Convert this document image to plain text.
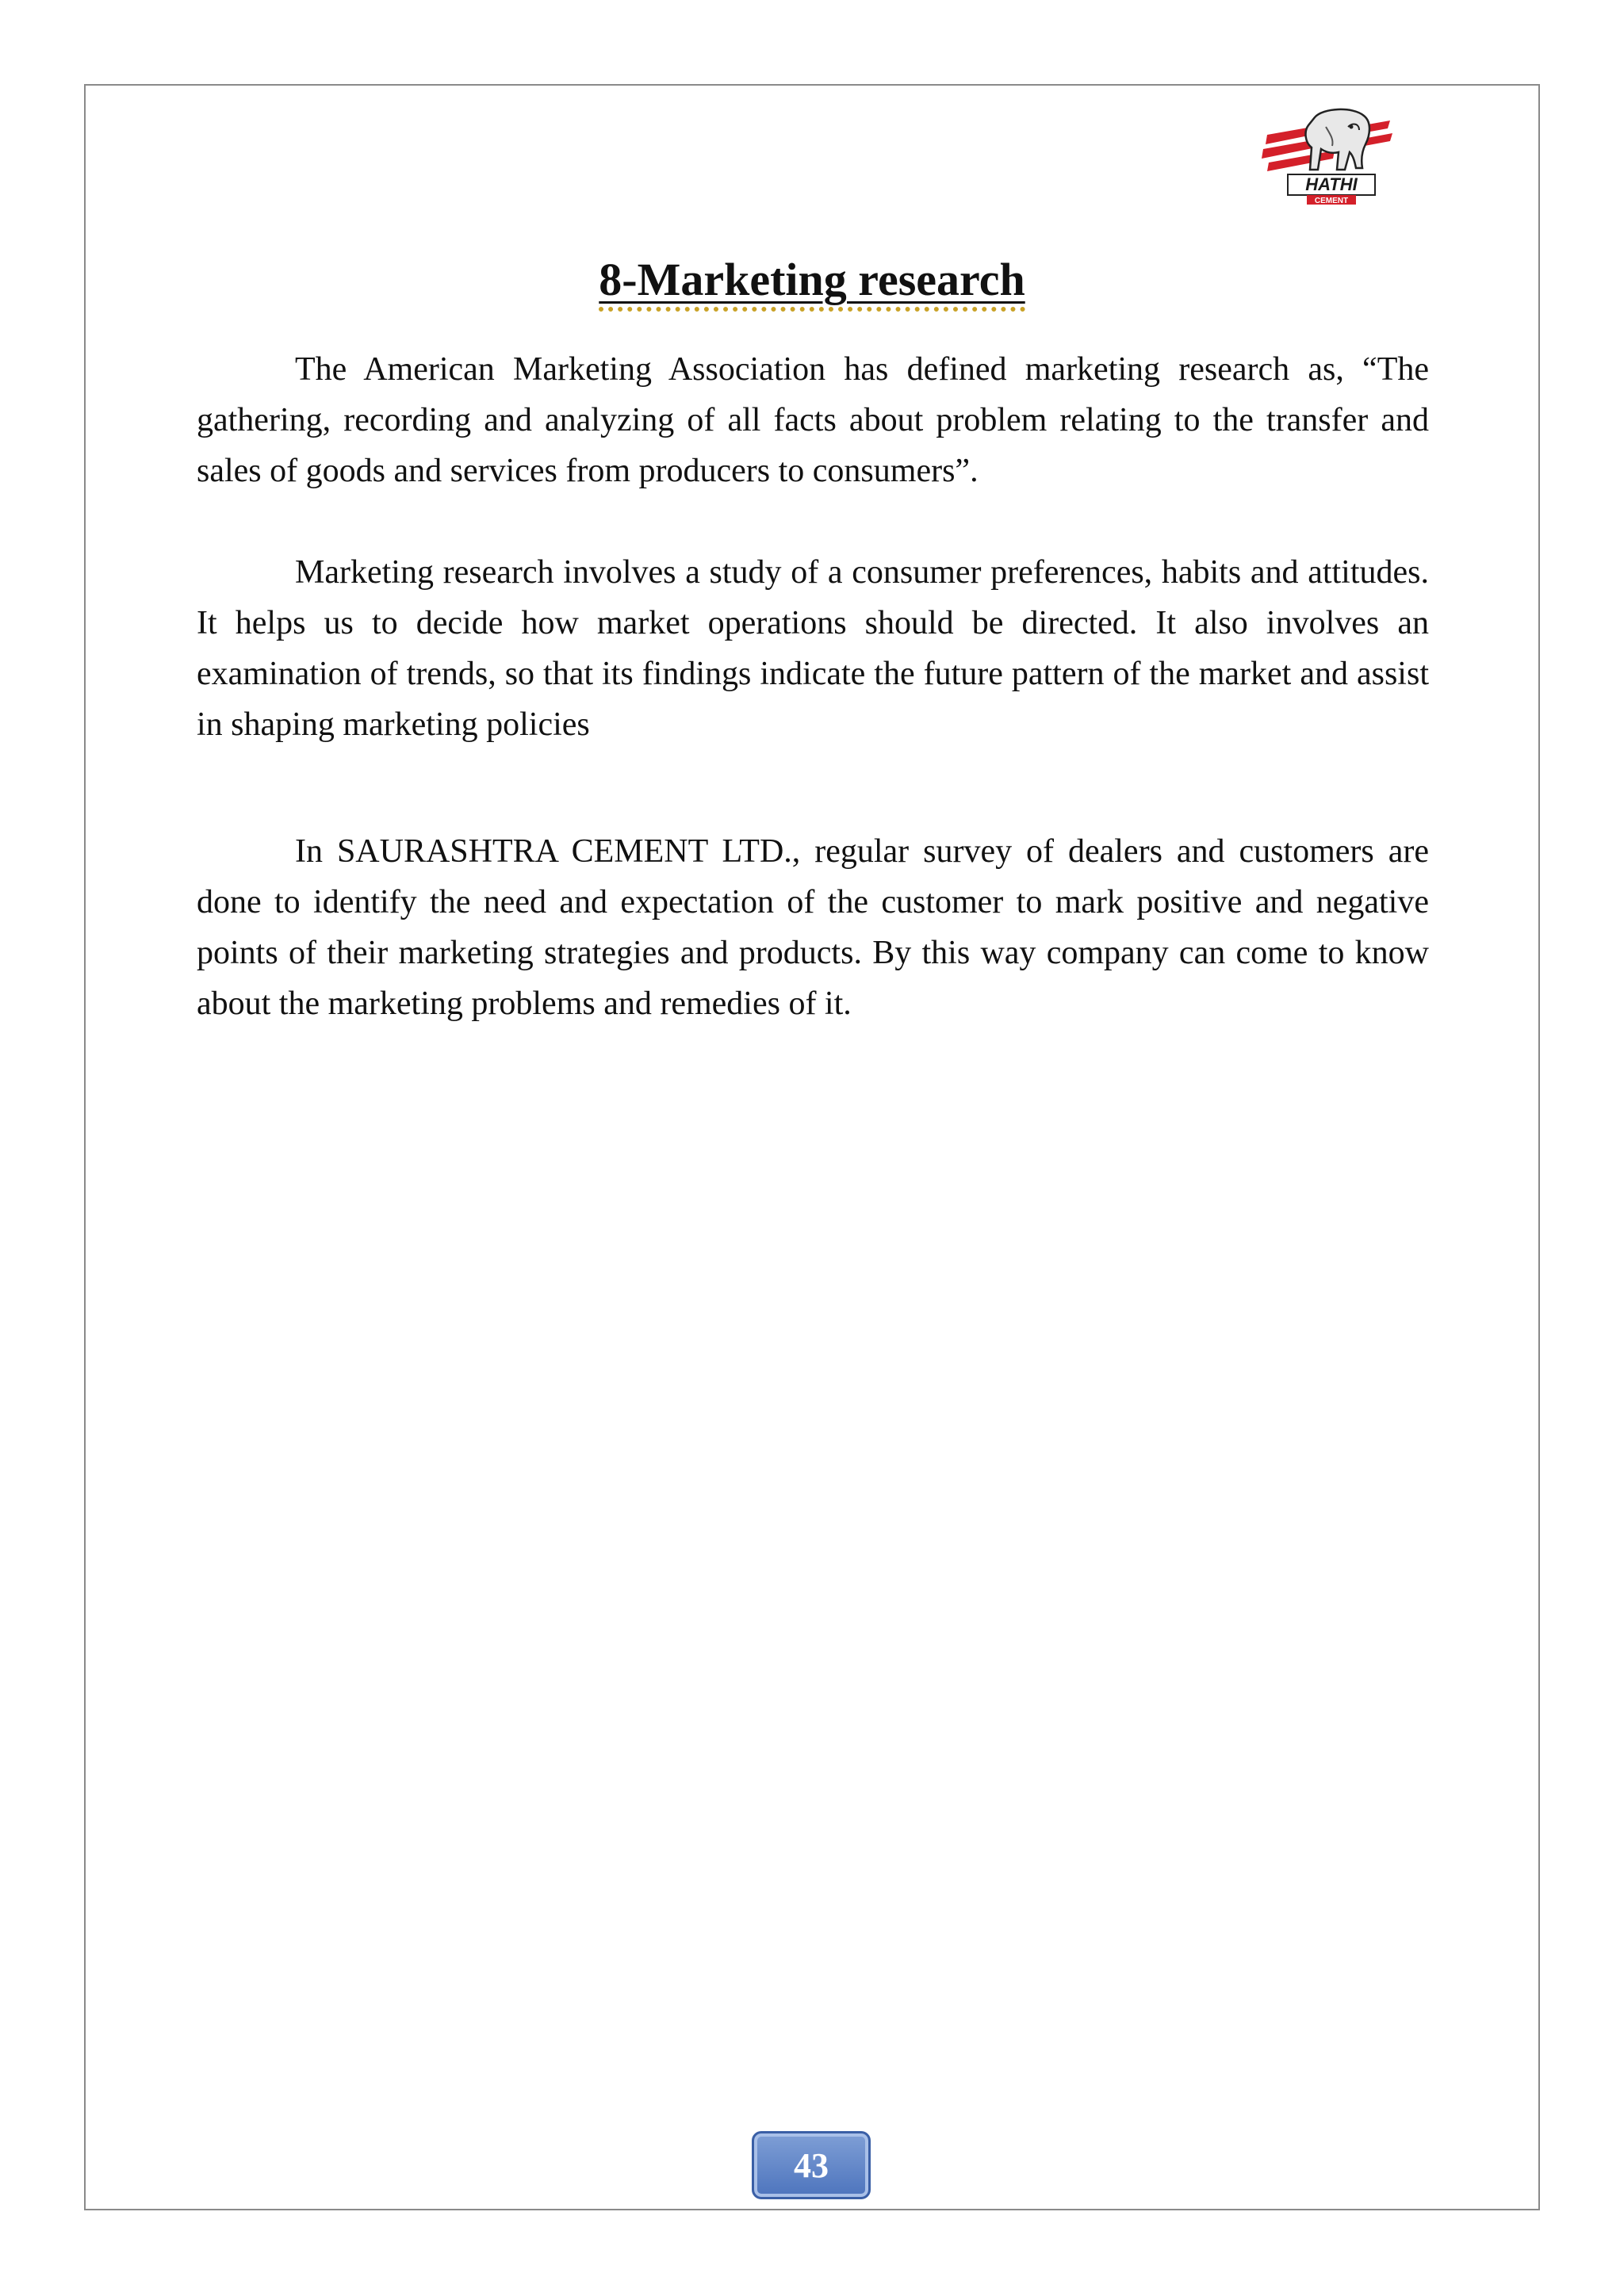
HATHI
CEMENT
8-Marketing research

The American Marketing Association has defined marketing research as, “The gathering, recording and analyzing of all facts about problem relating to the transfer and sales of goods and services from producers to consumers”.

Marketing research involves a study of a consumer preferences, habits and attitudes. It helps us to decide how market operations should be directed. It also involves an examination of trends, so that its findings indicate the future pattern of the market and assist in shaping marketing policies

In SAURASHTRA CEMENT LTD., regular survey of dealers and customers are done to identify the need and expectation of the customer to mark positive and negative points of their marketing strategies and products. By this way company can come to know about the marketing problems and remedies of it.

43
